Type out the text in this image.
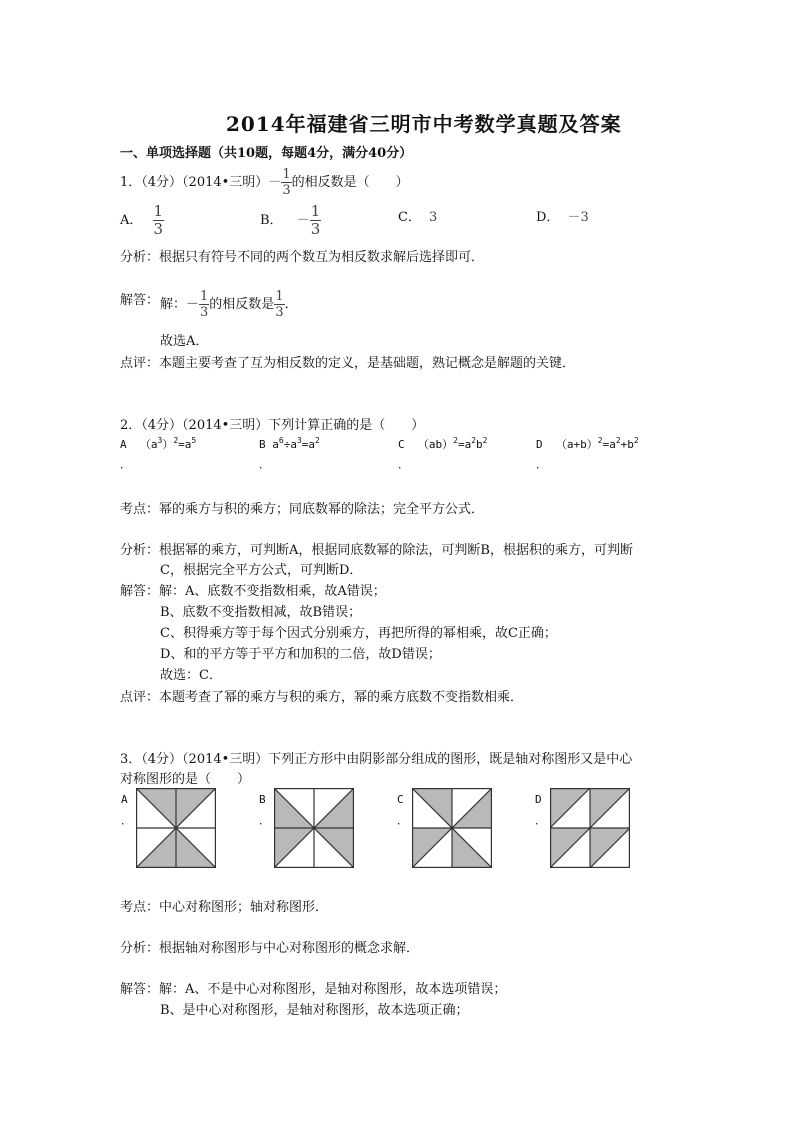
2014年福建省三明市中考数学真题及答案
一、单项选择题（共10题，每题4分，满分40分）
1．（4分）（2014•三明）－ $\frac{1}{3}$ 的相反数是（　　）
A． $\frac{1}{3}$	B． － $\frac{1}{3}$	C． 3	D． －3
分析：根据只有符号不同的两个数互为相反数求解后选择即可．
解答： 解：－ $\frac{1}{3}$ 的相反数是 $\frac{1}{3}$ ．
故选A．
点评：本题主要考查了互为相反数的定义，是基础题，熟记概念是解题的关键．
2．（4分）（2014•三明）下列计算正确的是（　　）
A $(a^3)^2=a^5$	B $a^6\div a^3=a^2$	C $(ab)^2=a^2b^2$	D $(a+b)^2=a^2+b^2$
．	．	．	．
考点：幂的乘方与积的乘方；同底数幂的除法；完全平方公式．
分析：根据幂的乘方，可判断A，根据同底数幂的除法，可判断B，根据积的乘方，可判断
C，根据完全平方公式，可判断D．
解答：解：A、底数不变指数相乘，故A错误；
B、底数不变指数相减，故B错误；
C、积得乘方等于每个因式分别乘方，再把所得的幂相乘，故C正确；
D、和的平方等于平方和加积的二倍，故D错误；
故选：C．
点评：本题考查了幂的乘方与积的乘方，幂的乘方底数不变指数相乘．
3．（4分）（2014•三明）下列正方形中由阴影部分组成的图形，既是轴对称图形又是中心
对称图形的是（　　）
A
．
B
．
C
．
D
．
考点：中心对称图形；轴对称图形．
分析：根据轴对称图形与中心对称图形的概念求解．
解答：解：A、不是中心对称图形，是轴对称图形，故本选项错误；
B、是中心对称图形，是轴对称图形，故本选项正确；
